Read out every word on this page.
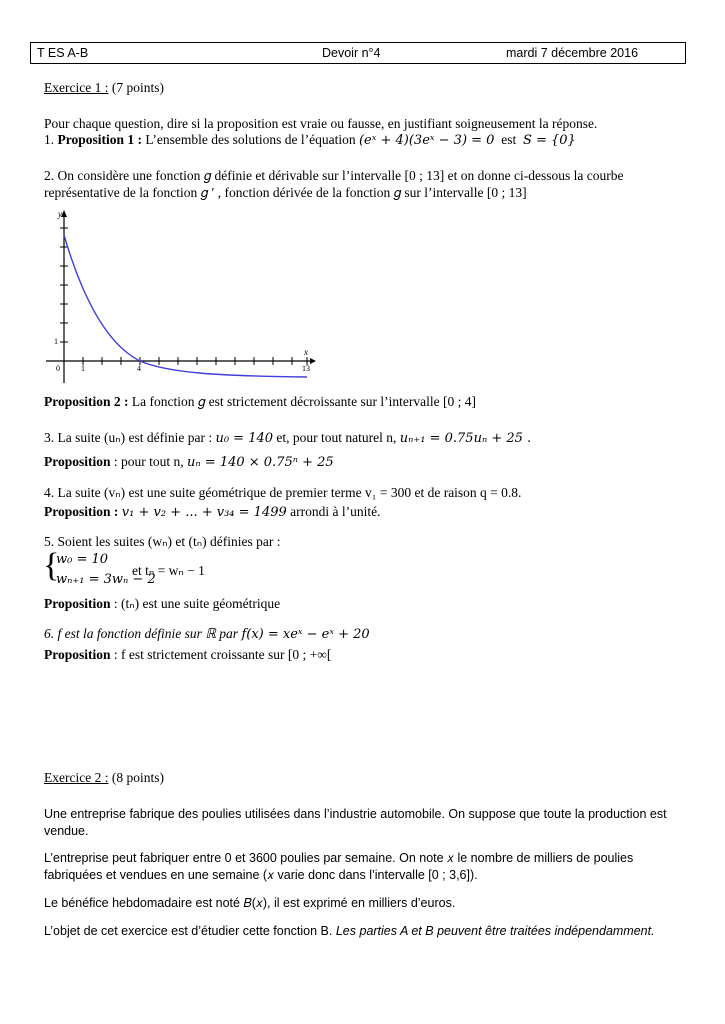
T ES A-B	Devoir n°4	mardi 7 décembre 2016
Exercice 1 : (7 points)
Pour chaque question, dire si la proposition est vraie ou fausse, en justifiant soigneusement la réponse.
1. Proposition 1 : L’ensemble des solutions de l’équation (eˣ + 4)(3eˣ − 3) = 0 est S = {0}
2. On considère une fonction 𝑔 définie et dérivable sur l’intervalle [0 ; 13] et on donne ci-dessous la courbe
représentative de la fonction 𝑔 ′ , fonction dérivée de la fonction 𝑔 sur l’intervalle [0 ; 13]
y
x
0	1	4	13
1
Proposition 2 : La fonction 𝑔 est strictement décroissante sur l’intervalle [0 ; 4]
3. La suite (uₙ) est définie par : u₀ = 140 et, pour tout naturel n, uₙ₊₁ = 0.75uₙ + 25 .
Proposition : pour tout n, uₙ = 140 × 0.75ⁿ + 25
4. La suite (vₙ) est une suite géométrique de premier terme v₁ = 300 et de raison q = 0.8.
Proposition : v₁ + v₂ + ... + v₃₄ = 1499 arrondi à l’unité.
5. Soient les suites (wₙ) et (tₙ) définies par :
{
w₀ = 10
wₙ₊₁ = 3wₙ − 2
et tₙ = wₙ − 1
Proposition : (tₙ) est une suite géométrique
6. f est la fonction définie sur ℝ par f(x) = xeˣ − eˣ + 20
Proposition : f est strictement croissante sur [0 ; +∞[
Exercice 2 : (8 points)
Une entreprise fabrique des poulies utilisées dans l’industrie automobile. On suppose que toute la production est
vendue.
L’entreprise peut fabriquer entre 0 et 3600 poulies par semaine. On note 𝑥 le nombre de milliers de poulies
fabriquées et vendues en une semaine (𝑥 varie donc dans l’intervalle [0 ; 3,6]).
Le bénéfice hebdomadaire est noté 𝐵(𝑥), il est exprimé en milliers d’euros.
L’objet de cet exercice est d’étudier cette fonction B. Les parties A et B peuvent être traitées indépendamment.
